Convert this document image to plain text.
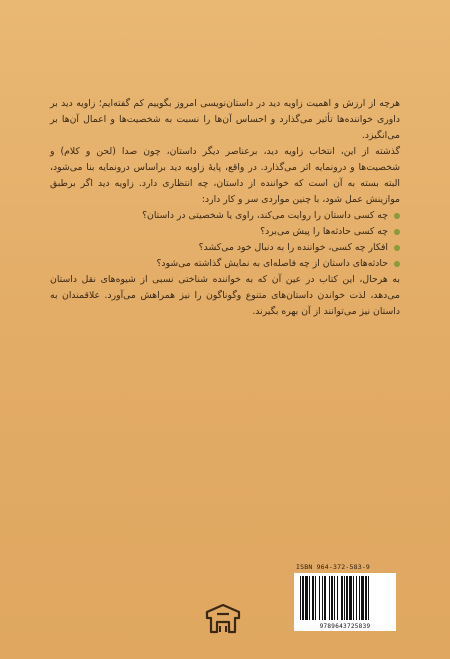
هرچه از ارزش و اهمیت زاویه دید در داستان‌نویسی امروز بگوییم کم گفته‌ایم؛ زاویه دید بر داوری خواننده‌ها تأثیر می‌گذارد و احساس آن‌ها را نسبت به شخصیت‌ها و اعمال آن‌ها بر می‌انگیزد.

گذشته از این، انتخاب زاویه دید، برعناصر دیگر داستان، چون صدا (لحن و کلام) و شخصیت‌ها و درونمایه اثر می‌گذارد. در واقع، پایهٔ زاویه دید براساس درونمایه بنا می‌شود، البته بسته به آن است که خواننده از داستان، چه انتظاری دارد. زاویه دید اگر برطبق موازینش عمل شود، با چنین مواردی سر و کار دارد:

چه کسی داستان را روایت می‌کند، راوی یا شخصیتی در داستان؟
چه کسی حادثه‌ها را پیش می‌برد؟
افکار چه کسی، خواننده را به دنبال خود می‌کشد؟
حادثه‌های داستان از چه فاصله‌ای به نمایش گذاشته می‌شود؟

به هرحال، این کتاب در عین آن که به خواننده شناختی نسبی از شیوه‌های نقل داستان می‌دهد، لذت خواندن داستان‌های متنوع وگوناگون را نیز همراهش می‌آورد. علاقمندان به داستان نیز می‌توانند از آن بهره بگیرند.

ISBN 964-372-583-9
9789643725839
